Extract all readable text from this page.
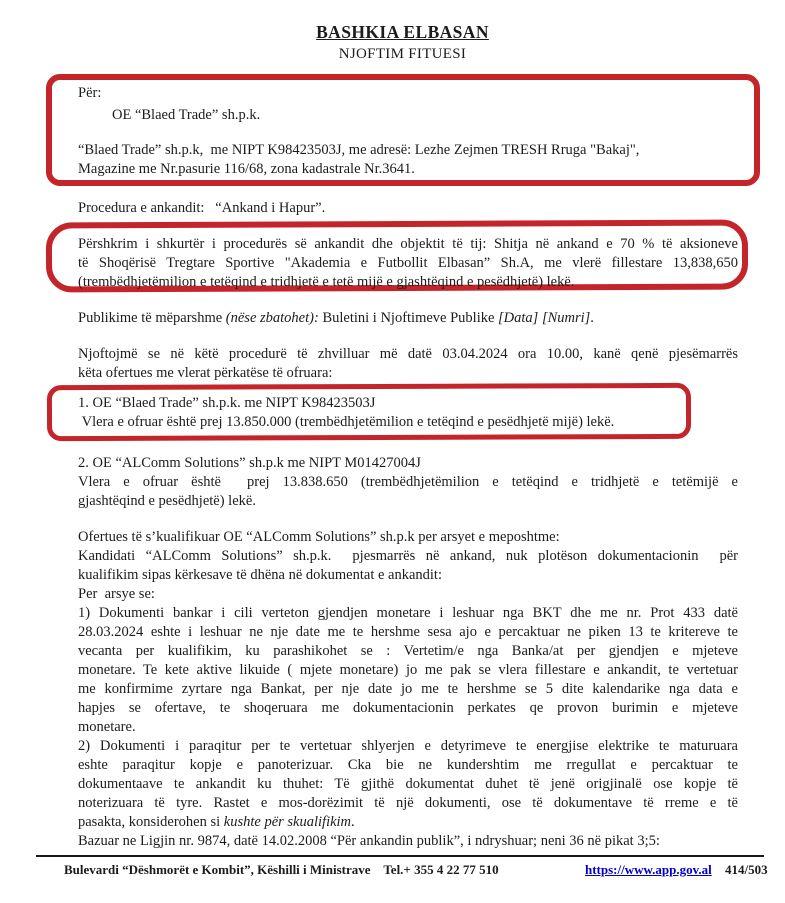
BASHKIA ELBASAN
NJOFTIM FITUESI
Për:
OE “Blaed Trade” sh.p.k.
“Blaed Trade” sh.p.k,  me NIPT K98423503J, me adresë: Lezhe Zejmen TRESH Rruga "Bakaj",
Magazine me Nr.pasurie 116/68, zona kadastrale Nr.3641.
Procedura e ankandit:   “Ankand i Hapur”.
Përshkrim i shkurtër i procedurës së ankandit dhe objektit të tij: Shitja në ankand e 70 % të aksioneve
të Shoqërisë Tregtare Sportive "Akademia e Futbollit Elbasan” Sh.A, me vlerë fillestare 13,838,650
(trembëdhjetëmilion e tetëqind e tridhjetë e tetë mijë e gjashtëqind e pesëdhjetë) lekë.
Publikime të mëparshme (nëse zbatohet): Buletini i Njoftimeve Publike [Data] [Numri].
Njoftojmë se në këtë procedurë të zhvilluar më datë 03.04.2024 ora 10.00, kanë qenë pjesëmarrës
këta ofertues me vlerat përkatëse të ofruara:
1. OE “Blaed Trade” sh.p.k. me NIPT K98423503J
Vlera e ofruar është prej 13.850.000 (trembëdhjetëmilion e tetëqind e pesëdhjetë mijë) lekë.
2. OE “ALComm Solutions” sh.p.k me NIPT M01427004J
Vlera e ofruar është  prej 13.838.650 (trembëdhjetëmilion e tetëqind e tridhjetë e tetëmijë e
gjashtëqind e pesëdhjetë) lekë.
Ofertues të s’kualifikuar OE “ALComm Solutions” sh.p.k per arsyet e meposhtme:
Kandidati “ALComm Solutions” sh.p.k.  pjesmarrës në ankand, nuk plotëson dokumentacionin  për
kualifikim sipas kërkesave të dhëna në dokumentat e ankandit:
Per  arsye se:
1) Dokumenti bankar i cili verteton gjendjen monetare i leshuar nga BKT dhe me nr. Prot 433 datë
28.03.2024 eshte i leshuar ne nje date me te hershme sesa ajo e percaktuar ne piken 13 te kritereve te
vecanta per kualifikim, ku parashikohet se : Vertetim/e nga Banka/at per gjendjen e mjeteve
monetare. Te kete aktive likuide ( mjete monetare) jo me pak se vlera fillestare e ankandit, te vertetuar
me konfirmime zyrtare nga Bankat, per nje date jo me te hershme se 5 dite kalendarike nga data e
hapjes se ofertave, te shoqeruara me dokumentacionin perkates qe provon burimin e mjeteve
monetare.
2) Dokumenti i paraqitur per te vertetuar shlyerjen e detyrimeve te energjise elektrike te maturuara
eshte paraqitur kopje e panoterizuar. Cka bie ne kundershtim me rregullat e percaktuar te
dokumentaave te ankandit ku thuhet: Të gjithë dokumentat duhet të jenë origjinalë ose kopje të
noterizuara të tyre. Rastet e mos-dorëzimit të një dokumenti, ose të dokumentave të rreme e të
pasakta, konsiderohen si kushte për skualifikim.
Bazuar ne Ligjin nr. 9874, datë 14.02.2008 “Për ankandin publik”, i ndryshuar; neni 36 në pikat 3;5:
Bulevardi “Dëshmorët e Kombit”, Këshilli i Ministrave    Tel.+ 355 4 22 77 510	https://www.app.gov.al 414/503
